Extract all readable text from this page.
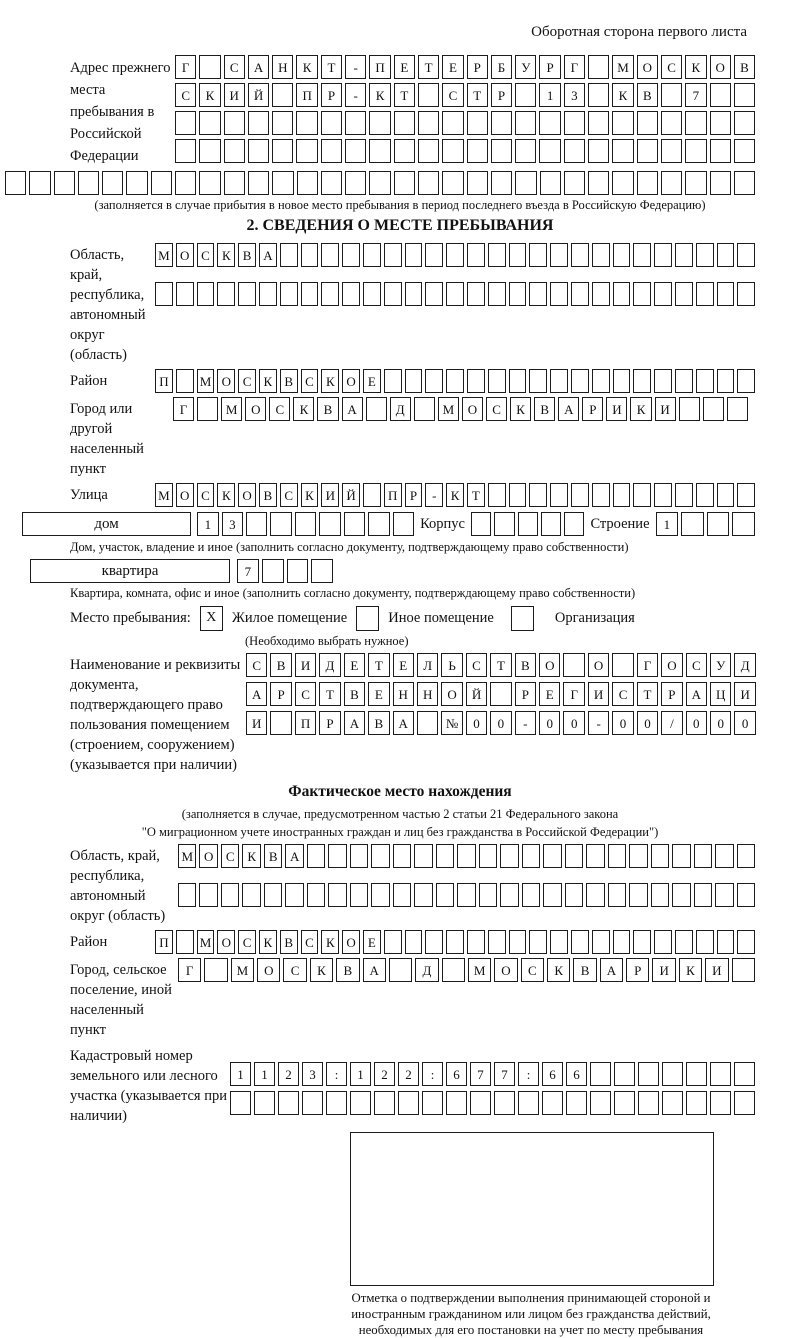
Оборотная сторона первого листа
Адрес прежнего места пребывания в Российской Федерации
Г	С	А	Н	К	Т	-	П	Е	Т	Е	Р	Б	У	Р	Г	М	О	С	К	О	В
С	К	И	Й	П	Р	-	К	Т	С	Т	Р	1	3	К	В	7
(заполняется в случае прибытия в новое место пребывания в период последнего въезда в Российскую Федерацию)
2. СВЕДЕНИЯ О МЕСТЕ ПРЕБЫВАНИЯ
Область, край, республика, автономный округ (область)
М О С К В А
Район	П	М О С К В С К О Е
Город или другой населенный пункт
Г	М	О	С	К	В	А	Д	М	О	С	К	В	А	Р	И	К	И
Улица	М О С К О В С К И Й	П Р	-	К Т
дом	1	3	Корпус	Строение	1
Дом, участок, владение и иное (заполнить согласно документу, подтверждающему право собственности)
квартира	7
Квартира, комната, офис и иное (заполнить согласно документу, подтверждающему право собственности)
Место пребывания:	X	Жилое помещение	Иное помещение	Организация
(Необходимо выбрать нужное)
Наименование и реквизиты документа, подтверждающего право пользования помещением (строением, сооружением) (указывается при наличии)
С	В	И	Д	Е	Т	Е	Л	Ь	С	Т	В	О	О	Г	О	С	У	Д
А	Р	С	Т	В	Е	Н	Н	О	Й	Р	Е	Г	И	С	Т	Р	А	Ц	И
И	П	Р	А	В	А	№	0	0	-	0	0	-	0	0	/	0	0	0
Фактическое место нахождения
(заполняется в случае, предусмотренном частью 2 статьи 21 Федерального закона
"О миграционном учете иностранных граждан и лиц без гражданства в Российской Федерации")
Область, край, республика, автономный округ (область)
М О С К В А
Район	П	М О С К В С К О Е
Город, сельское поселение, иной населенный пункт
Г	М	О	С	К	В	А	Д	М	О	С	К	В	А	Р	И	К	И
Кадастровый номер земельного или лесного участка (указывается при наличии)
1	1	2	3	:	1	2	2	:	6	7	7	:	6	6
Отметка о подтверждении выполнения принимающей стороной и иностранным гражданином или лицом без гражданства действий, необходимых для его постановки на учет по месту пребывания
